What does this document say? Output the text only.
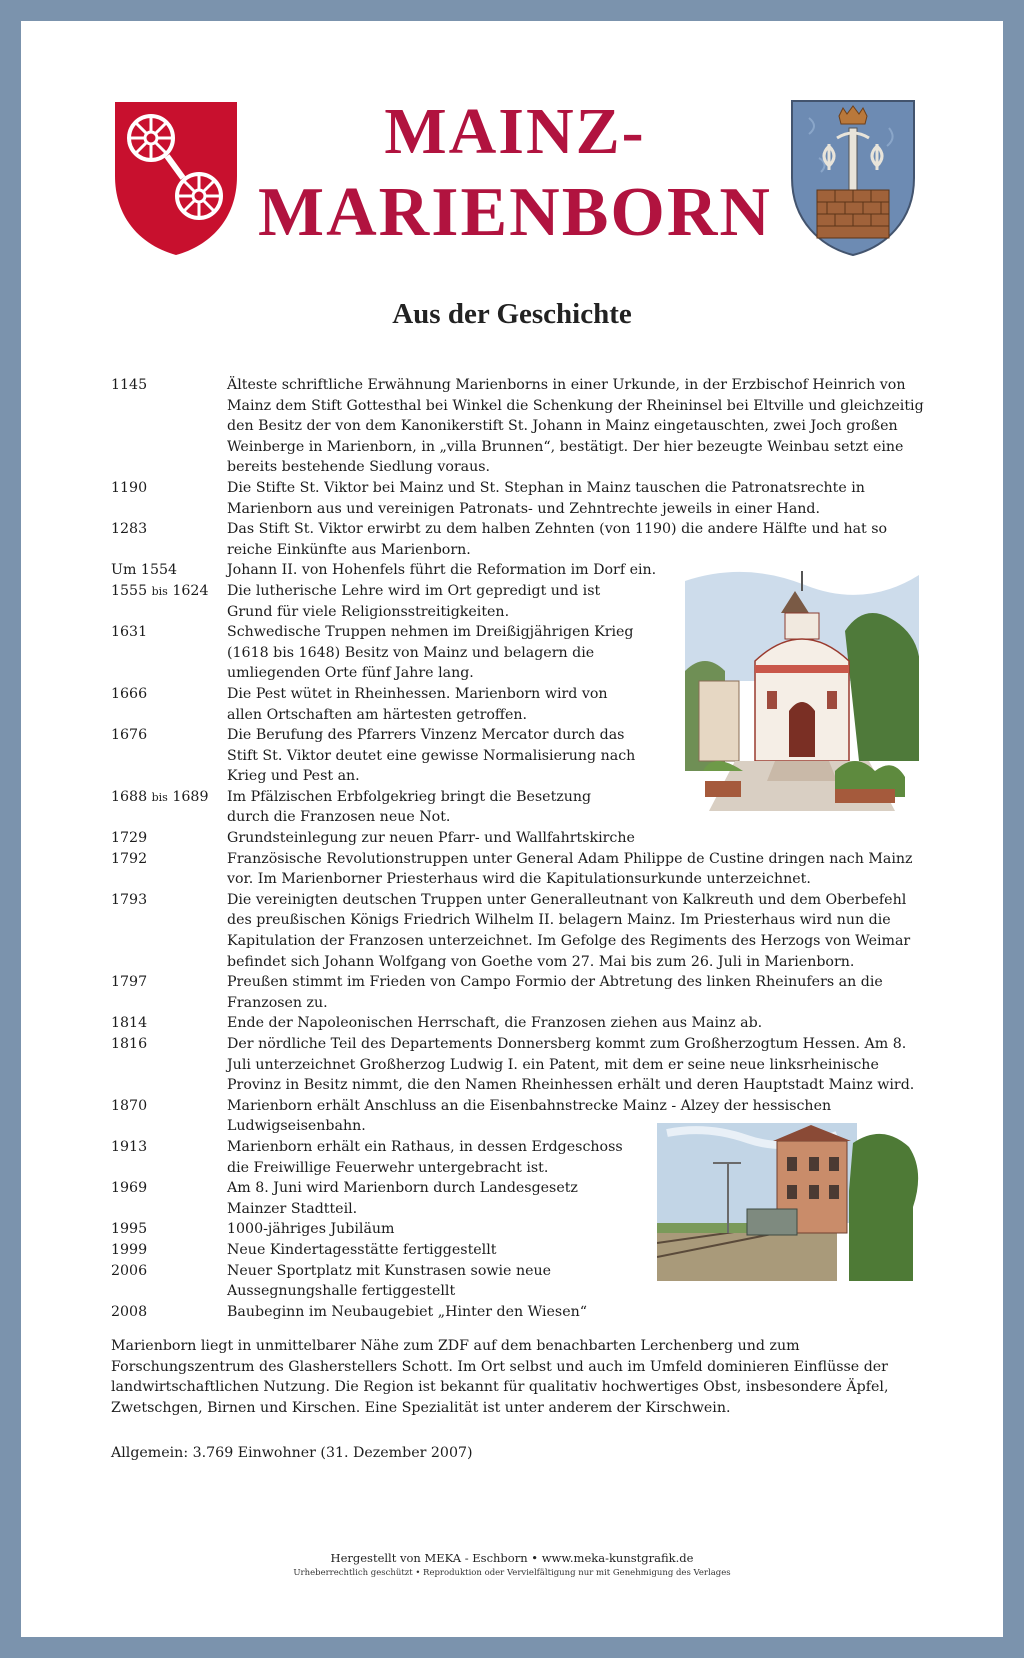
MAINZ-
MARIENBORN
Aus der Geschichte
1145	Älteste schriftliche Erwähnung Marienborns in einer Urkunde, in der Erzbischof Heinrich von Mainz dem Stift Gottesthal bei Winkel die Schenkung der Rheininsel bei Eltville und gleichzeitig den Besitz der von dem Kanonikerstift St. Johann in Mainz eingetauschten, zwei Joch großen Weinberge in Marienborn, in „villa Brunnen“, bestätigt. Der hier bezeugte Weinbau setzt eine bereits bestehende Siedlung voraus.
1190	Die Stifte St. Viktor bei Mainz und St. Stephan in Mainz tauschen die Patronatsrechte in Marienborn aus und vereinigen Patronats- und Zehntrechte jeweils in einer Hand.
1283	Das Stift St. Viktor erwirbt zu dem halben Zehnten (von 1190) die andere Hälfte und hat so reiche Einkünfte aus Marienborn.
Um 1554	Johann II. von Hohenfels führt die Reformation im Dorf ein.
1555 bis 1624	Die lutherische Lehre wird im Ort gepredigt und ist Grund für viele Religionsstreitigkeiten.
1631	Schwedische Truppen nehmen im Dreißigjährigen Krieg (1618 bis 1648) Besitz von Mainz und belagern die umliegenden Orte fünf Jahre lang.
1666	Die Pest wütet in Rheinhessen. Marienborn wird von allen Ortschaften am härtesten getroffen.
1676	Die Berufung des Pfarrers Vinzenz Mercator durch das Stift St. Viktor deutet eine gewisse Normalisierung nach Krieg und Pest an.
1688 bis 1689	Im Pfälzischen Erbfolgekrieg bringt die Besetzung durch die Franzosen neue Not.
1729	Grundsteinlegung zur neuen Pfarr- und Wallfahrtskirche
1792	Französische Revolutionstruppen unter General Adam Philippe de Custine dringen nach Mainz vor. Im Marienborner Priesterhaus wird die Kapitulationsurkunde unterzeichnet.
1793	Die vereinigten deutschen Truppen unter Generalleutnant von Kalkreuth und dem Oberbefehl des preußischen Königs Friedrich Wilhelm II. belagern Mainz. Im Priesterhaus wird nun die Kapitulation der Franzosen unterzeichnet. Im Gefolge des Regiments des Herzogs von Weimar befindet sich Johann Wolfgang von Goethe vom 27. Mai bis zum 26. Juli in Marienborn.
1797	Preußen stimmt im Frieden von Campo Formio der Abtretung des linken Rheinufers an die Franzosen zu.
1814	Ende der Napoleonischen Herrschaft, die Franzosen ziehen aus Mainz ab.
1816	Der nördliche Teil des Departements Donnersberg kommt zum Großherzogtum Hessen. Am 8. Juli unterzeichnet Großherzog Ludwig I. ein Patent, mit dem er seine neue linksrheinische Provinz in Besitz nimmt, die den Namen Rheinhessen erhält und deren Hauptstadt Mainz wird.
1870	Marienborn erhält Anschluss an die Eisenbahnstrecke Mainz - Alzey der hessischen Ludwigseisenbahn.
1913	Marienborn erhält ein Rathaus, in dessen Erdgeschoss die Freiwillige Feuerwehr untergebracht ist.
1969	Am 8. Juni wird Marienborn durch Landesgesetz Mainzer Stadtteil.
1995	1000-jähriges Jubiläum
1999	Neue Kindertagesstätte fertiggestellt
2006	Neuer Sportplatz mit Kunstrasen sowie neue Aussegnungshalle fertiggestellt
2008	Baubeginn im Neubaugebiet „Hinter den Wiesen“
Marienborn liegt in unmittelbarer Nähe zum ZDF auf dem benachbarten Lerchenberg und zum Forschungszentrum des Glasherstellers Schott. Im Ort selbst und auch im Umfeld dominieren Einflüsse der landwirtschaftlichen Nutzung. Die Region ist bekannt für qualitativ hochwertiges Obst, insbesondere Äpfel, Zwetschgen, Birnen und Kirschen. Eine Spezialität ist unter anderem der Kirschwein.
Allgemein: 3.769 Einwohner (31. Dezember 2007)
Hergestellt von MEKA - Eschborn • www.meka-kunstgrafik.de
Urheberrechtlich geschützt • Reproduktion oder Vervielfältigung nur mit Genehmigung des Verlages
